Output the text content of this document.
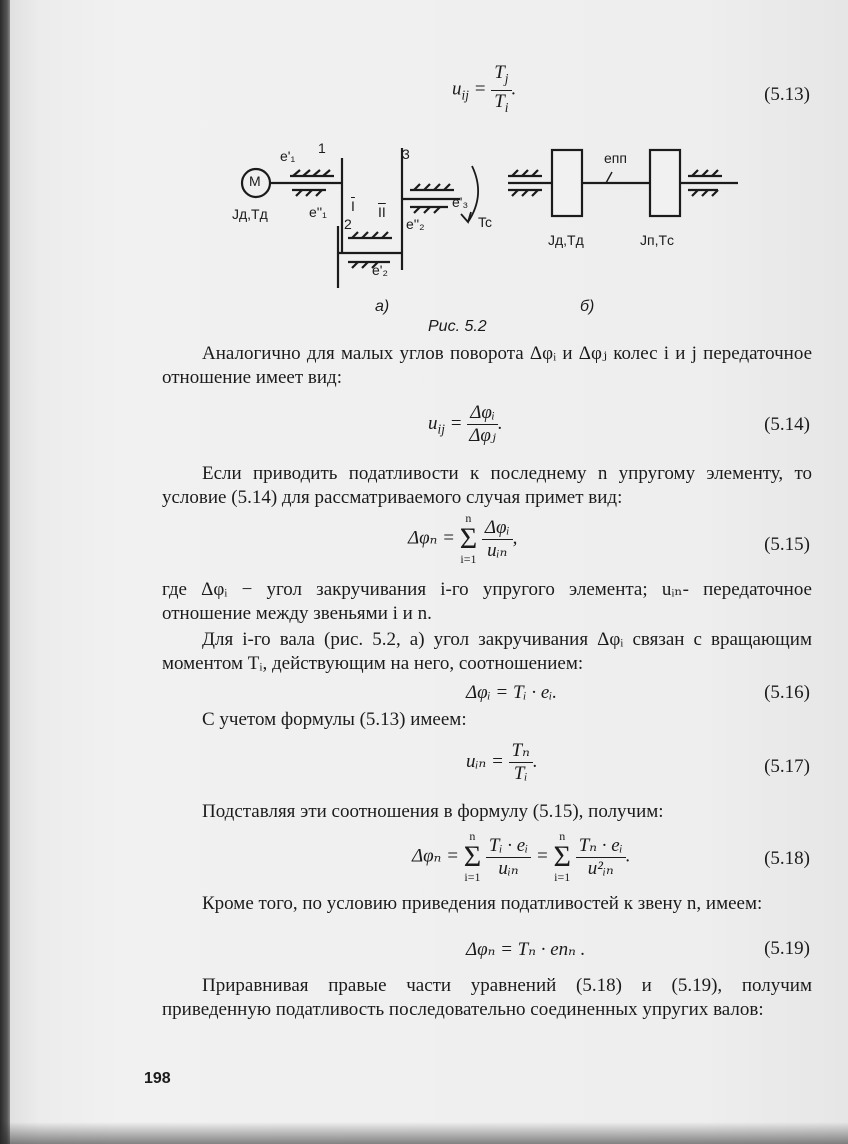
$u_{ij} = \frac{T_j}{T_i}$ .	(5.13)
M
e'₁ 1	3
Jд,Tд	e''₁ $\overline{I}$ $\overline{II}$
2	e''₂
e'₃
Tc
e'₂
eпп
Jд,Tд	Jп,Tс
а)	б)
Рис. 5.2
Аналогично для малых углов поворота Δφᵢ и Δφⱼ колес i и j передаточное отношение имеет вид:
$u_{ij} = \frac{\text{Δφᵢ}}{\text{Δφⱼ}}$ .	(5.14)
Если приводить податливости к последнему n упругому элементу, то условие (5.14) для рассматриваемого случая примет вид:
Δφₙ =
n
Σ
i=1
$\frac{\text{Δφᵢ}}{\text{uᵢₙ}}$ ,	(5.15)
где Δφᵢ − угол закручивания i-го упругого элемента; uᵢₙ- передаточное отношение между звеньями i и n.
Для i-го вала (рис. 5.2, а) угол закручивания Δφᵢ связан с вращающим моментом Tᵢ, действующим на него, соотношением:
Δφᵢ = Tᵢ · eᵢ.	(5.16)
С учетом формулы (5.13) имеем:
uᵢₙ = $\frac{\text{Tₙ}}{\text{Tᵢ}}$ .	(5.17)
Подставляя эти соотношения в формулу (5.15), получим:
Δφₙ =
n
Σ
i=1
$\frac{\text{Tᵢ · eᵢ}}{\text{uᵢₙ}}$ =
n
Σ
i=1
$\frac{\text{Tₙ · eᵢ}}{\text{u²ᵢₙ}}$ .	(5.18)
Кроме того, по условию приведения податливостей к звену n, имеем:
Δφₙ = Tₙ · eпₙ .	(5.19)
Приравнивая правые части уравнений (5.18) и (5.19), получим приведенную податливость последовательно соединенных упругих валов:
198
